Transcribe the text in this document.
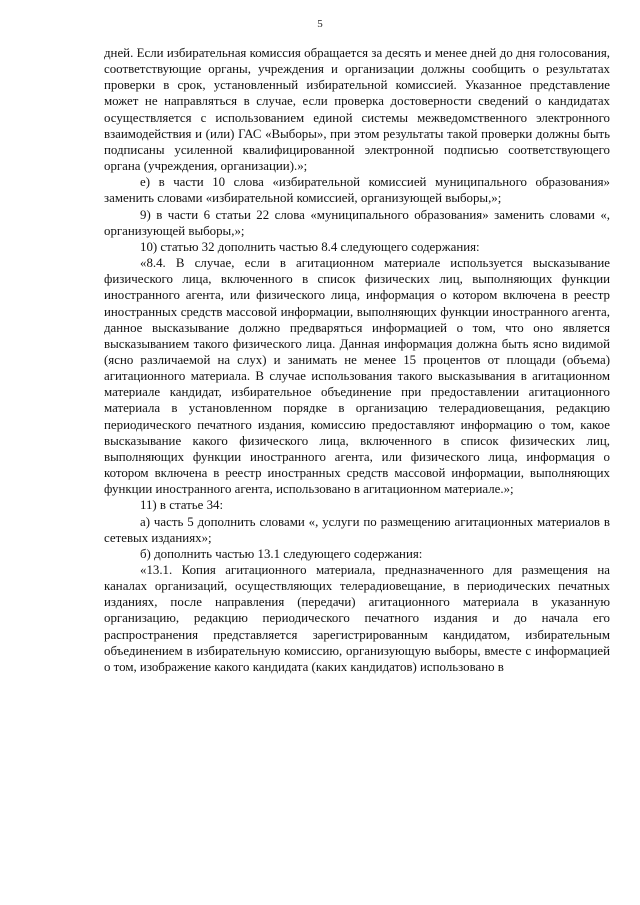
5

дней. Если избирательная комиссия обращается за десять и менее дней до дня голосования, соответствующие органы, учреждения и организации должны сообщить о результатах проверки в срок, установленный избирательной комиссией. Указанное представление может не направляться в случае, если проверка достоверности сведений о кандидатах осуществляется с использованием единой системы межведомственного электронного взаимодействия и (или) ГАС «Выборы», при этом результаты такой проверки должны быть подписаны усиленной квалифицированной электронной подписью соответствующего органа (учреждения, организации).»;

е) в части 10 слова «избирательной комиссией муниципального образования» заменить словами «избирательной комиссией, организующей выборы,»;

9) в части 6 статьи 22 слова «муниципального образования» заменить словами «, организующей выборы,»;

10) статью 32 дополнить частью 8.4 следующего содержания:

«8.4. В случае, если в агитационном материале используется высказывание физического лица, включенного в список физических лиц, выполняющих функции иностранного агента, или физического лица, информация о котором включена в реестр иностранных средств массовой информации, выполняющих функции иностранного агента, данное высказывание должно предваряться информацией о том, что оно является высказыванием такого физического лица. Данная информация должна быть ясно видимой (ясно различаемой на слух) и занимать не менее 15 процентов от площади (объема) агитационного материала. В случае использования такого высказывания в агитационном материале кандидат, избирательное объединение при предоставлении агитационного материала в установленном порядке в организацию телерадиовещания, редакцию периодического печатного издания, комиссию предоставляют информацию о том, какое высказывание какого физического лица, включенного в список физических лиц, выполняющих функции иностранного агента, или физического лица, информация о котором включена в реестр иностранных средств массовой информации, выполняющих функции иностранного агента, использовано в агитационном материале.»;

11) в статье 34:

а) часть 5 дополнить словами «, услуги по размещению агитационных материалов в сетевых изданиях»;

б) дополнить частью 13.1 следующего содержания:

«13.1. Копия агитационного материала, предназначенного для размещения на каналах организаций, осуществляющих телерадиовещание, в периодических печатных изданиях, после направления (передачи) агитационного материала в указанную организацию, редакцию периодического печатного издания и до начала его распространения представляется зарегистрированным кандидатом, избирательным объединением в избирательную комиссию, организующую выборы, вместе с информацией о том, изображение какого кандидата (каких кандидатов) использовано в
